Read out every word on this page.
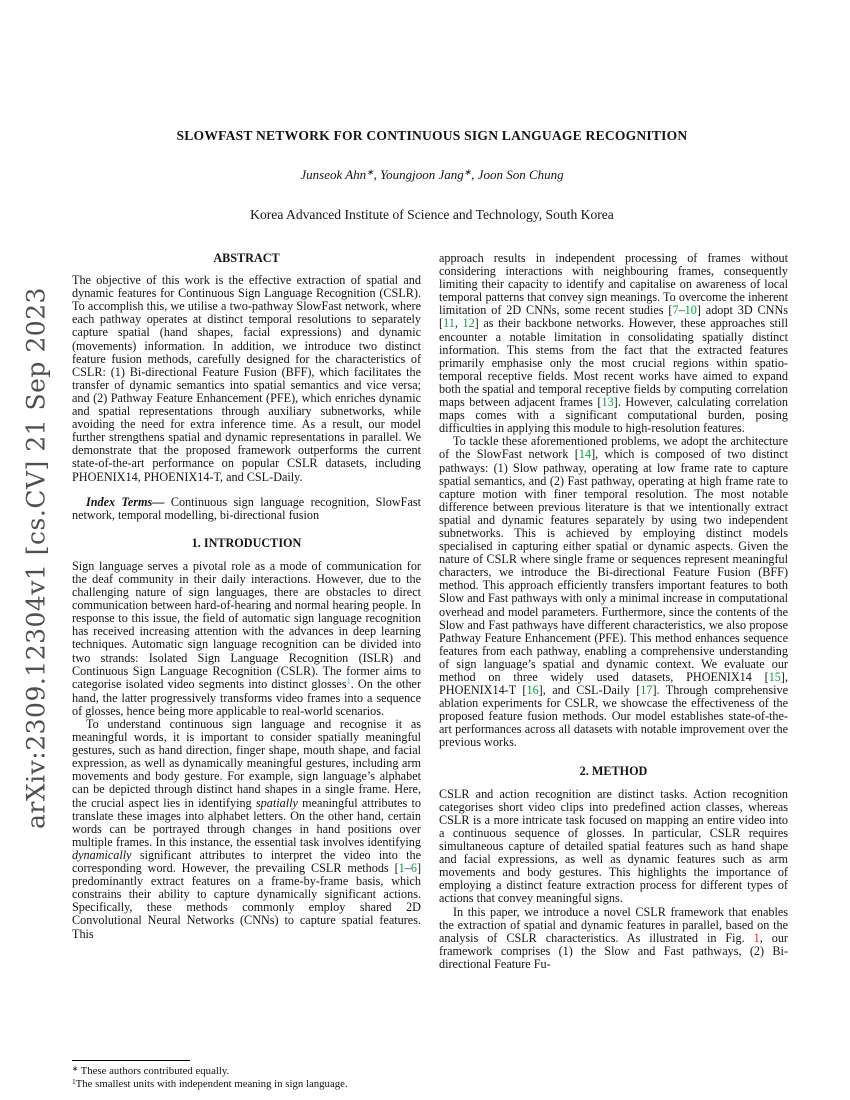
arXiv:2309.12304v1 [cs.CV] 21 Sep 2023
SLOWFAST NETWORK FOR CONTINUOUS SIGN LANGUAGE RECOGNITION
Junseok Ahn∗, Youngjoon Jang∗, Joon Son Chung
Korea Advanced Institute of Science and Technology, South Korea
ABSTRACT

The objective of this work is the effective extraction of spatial and dynamic features for Continuous Sign Language Recognition (CSLR). To accomplish this, we utilise a two-pathway SlowFast network, where each pathway operates at distinct temporal resolutions to separately capture spatial (hand shapes, facial expressions) and dynamic (movements) information. In addition, we introduce two distinct feature fusion methods, carefully designed for the characteristics of CSLR: (1) Bi-directional Feature Fusion (BFF), which facilitates the transfer of dynamic semantics into spatial semantics and vice versa; and (2) Pathway Feature Enhancement (PFE), which enriches dynamic and spatial representations through auxiliary subnetworks, while avoiding the need for extra inference time. As a result, our model further strengthens spatial and dynamic representations in parallel. We demonstrate that the proposed framework outperforms the current state-of-the-art performance on popular CSLR datasets, including PHOENIX14, PHOENIX14-T, and CSL-Daily.

Index Terms— Continuous sign language recognition, SlowFast network, temporal modelling, bi-directional fusion

1. INTRODUCTION

Sign language serves a pivotal role as a mode of communication for the deaf community in their daily interactions. However, due to the challenging nature of sign languages, there are obstacles to direct communication between hard-of-hearing and normal hearing people. In response to this issue, the field of automatic sign language recognition has received increasing attention with the advances in deep learning techniques. Automatic sign language recognition can be divided into two strands: Isolated Sign Language Recognition (ISLR) and Continuous Sign Language Recognition (CSLR). The former aims to categorise isolated video segments into distinct glosses$^1$. On the other hand, the latter progressively transforms video frames into a sequence of glosses, hence being more applicable to real-world scenarios.

To understand continuous sign language and recognise it as meaningful words, it is important to consider spatially meaningful gestures, such as hand direction, finger shape, mouth shape, and facial expression, as well as dynamically meaningful gestures, including arm movements and body gesture. For example, sign language’s alphabet can be depicted through distinct hand shapes in a single frame. Here, the crucial aspect lies in identifying spatially meaningful attributes to translate these images into alphabet letters. On the other hand, certain words can be portrayed through changes in hand positions over multiple frames. In this instance, the essential task involves identifying dynamically significant attributes to interpret the video into the corresponding word. However, the prevailing CSLR methods [1–6] predominantly extract features on a frame-by-frame basis, which constrains their ability to capture dynamically significant actions. Specifically, these methods commonly employ shared 2D Convolutional Neural Networks (CNNs) to capture spatial features. This

∗ These authors contributed equally.

$^1$The smallest units with independent meaning in sign language.

approach results in independent processing of frames without considering interactions with neighbouring frames, consequently limiting their capacity to identify and capitalise on awareness of local temporal patterns that convey sign meanings. To overcome the inherent limitation of 2D CNNs, some recent studies [7–10] adopt 3D CNNs [11, 12] as their backbone networks. However, these approaches still encounter a notable limitation in consolidating spatially distinct information. This stems from the fact that the extracted features primarily emphasise only the most crucial regions within spatio-temporal receptive fields. Most recent works have aimed to expand both the spatial and temporal receptive fields by computing correlation maps between adjacent frames [13]. However, calculating correlation maps comes with a significant computational burden, posing difficulties in applying this module to high-resolution features.

To tackle these aforementioned problems, we adopt the architecture of the SlowFast network [14], which is composed of two distinct pathways: (1) Slow pathway, operating at low frame rate to capture spatial semantics, and (2) Fast pathway, operating at high frame rate to capture motion with finer temporal resolution. The most notable difference between previous literature is that we intentionally extract spatial and dynamic features separately by using two independent subnetworks. This is achieved by employing distinct models specialised in capturing either spatial or dynamic aspects. Given the nature of CSLR where single frame or sequences represent meaningful characters, we introduce the Bi-directional Feature Fusion (BFF) method. This approach efficiently transfers important features to both Slow and Fast pathways with only a minimal increase in computational overhead and model parameters. Furthermore, since the contents of the Slow and Fast pathways have different characteristics, we also propose Pathway Feature Enhancement (PFE). This method enhances sequence features from each pathway, enabling a comprehensive understanding of sign language’s spatial and dynamic context. We evaluate our method on three widely used datasets, PHOENIX14 [15], PHOENIX14-T [16], and CSL-Daily [17]. Through comprehensive ablation experiments for CSLR, we showcase the effectiveness of the proposed feature fusion methods. Our model establishes state-of-the-art performances across all datasets with notable improvement over the previous works.

2. METHOD

CSLR and action recognition are distinct tasks. Action recognition categorises short video clips into predefined action classes, whereas CSLR is a more intricate task focused on mapping an entire video into a continuous sequence of glosses. In particular, CSLR requires simultaneous capture of detailed spatial features such as hand shape and facial expressions, as well as dynamic features such as arm movements and body gestures. This highlights the importance of employing a distinct feature extraction process for different types of actions that convey meaningful signs.

In this paper, we introduce a novel CSLR framework that enables the extraction of spatial and dynamic features in parallel, based on the analysis of CSLR characteristics. As illustrated in Fig. 1, our framework comprises (1) the Slow and Fast pathways, (2) Bi-directional Feature Fu-
